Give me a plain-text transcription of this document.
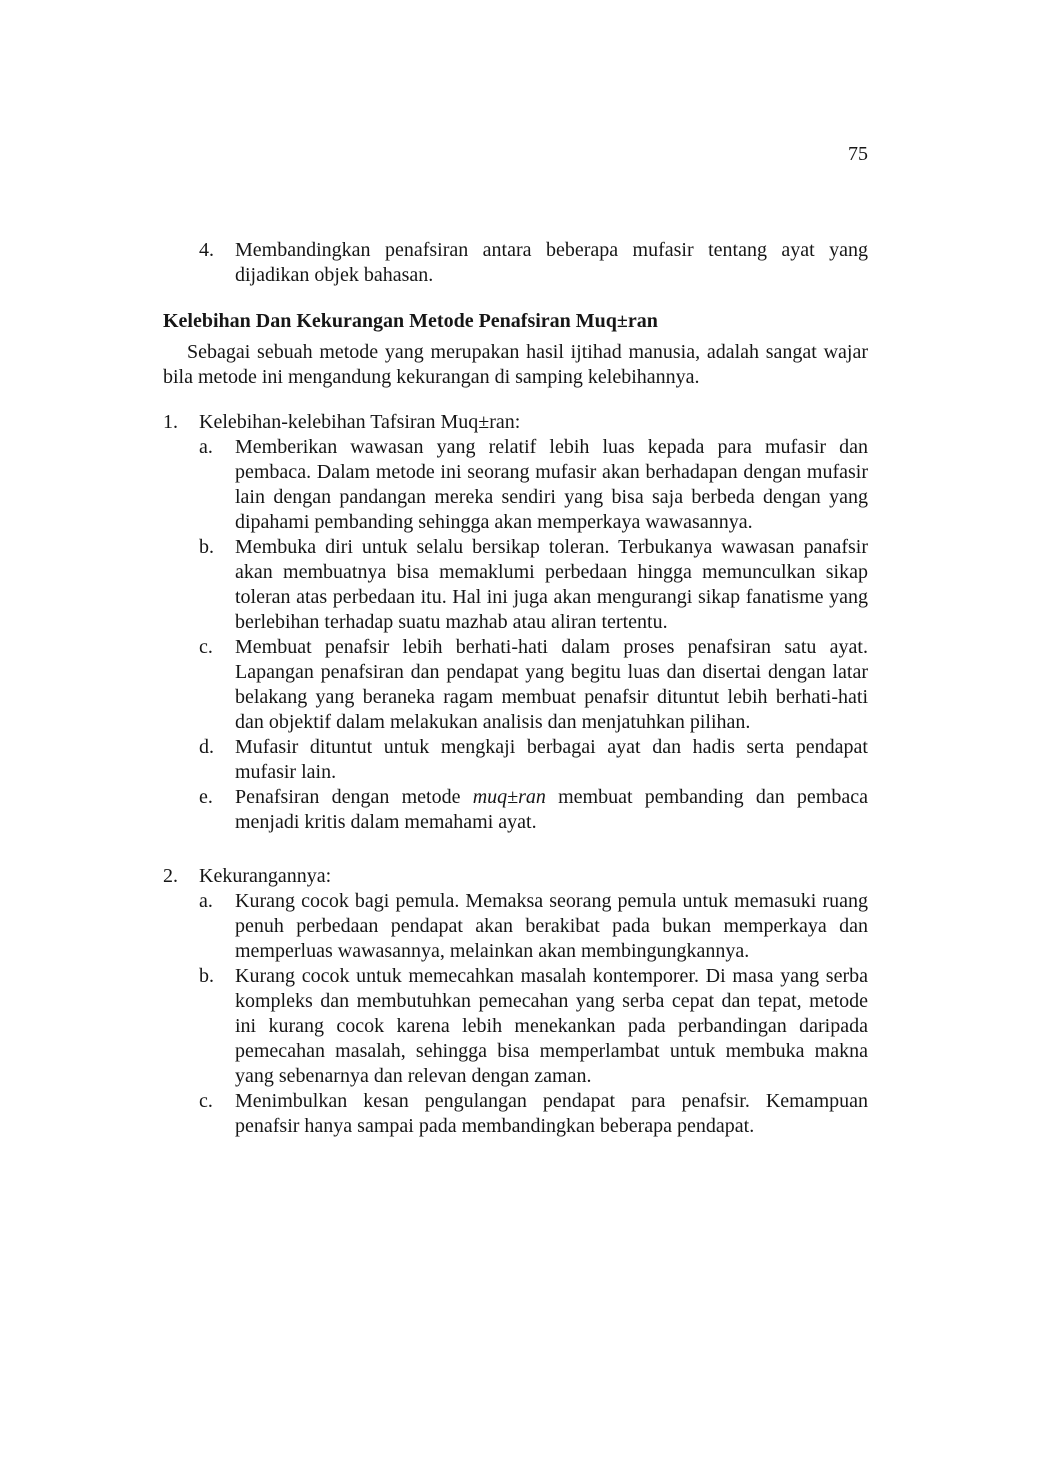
75
4. Membandingkan penafsiran antara beberapa mufasir tentang ayat yang dijadikan objek bahasan.
Kelebihan Dan Kekurangan Metode Penafsiran Muq±ran

Sebagai sebuah metode yang merupakan hasil ijtihad manusia, adalah sangat wajar bila metode ini mengandung kekurangan di samping kelebihannya.

1. Kelebihan-kelebihan Tafsiran Muq±ran:
a. Memberikan wawasan yang relatif lebih luas kepada para mufasir dan pembaca. Dalam metode ini seorang mufasir akan berhadapan dengan mufasir lain dengan pandangan mereka sendiri yang bisa saja berbeda dengan yang dipahami pembanding sehingga akan memperkaya wawasannya.
b. Membuka diri untuk selalu bersikap toleran. Terbukanya wawasan panafsir akan membuatnya bisa memaklumi perbedaan hingga memunculkan sikap toleran atas perbedaan itu. Hal ini juga akan mengurangi sikap fanatisme yang berlebihan terhadap suatu mazhab atau aliran tertentu.
c. Membuat penafsir lebih berhati-hati dalam proses penafsiran satu ayat. Lapangan penafsiran dan pendapat yang begitu luas dan disertai dengan latar belakang yang beraneka ragam membuat penafsir dituntut lebih berhati-hati dan objektif dalam melakukan analisis dan menjatuhkan pilihan.
d. Mufasir dituntut untuk mengkaji berbagai ayat dan hadis serta pendapat mufasir lain.
e. Penafsiran dengan metode muq±ran membuat pembanding dan pembaca menjadi kritis dalam memahami ayat.
2. Kekurangannya:
a. Kurang cocok bagi pemula. Memaksa seorang pemula untuk memasuki ruang penuh perbedaan pendapat akan berakibat pada bukan memperkaya dan memperluas wawasannya, melainkan akan membingungkannya.
b. Kurang cocok untuk memecahkan masalah kontemporer. Di masa yang serba kompleks dan membutuhkan pemecahan yang serba cepat dan tepat, metode ini kurang cocok karena lebih menekankan pada perbandingan daripada pemecahan masalah, sehingga bisa memperlambat untuk membuka makna yang sebenarnya dan relevan dengan zaman.
c. Menimbulkan kesan pengulangan pendapat para penafsir. Kemampuan penafsir hanya sampai pada membandingkan beberapa pendapat.
